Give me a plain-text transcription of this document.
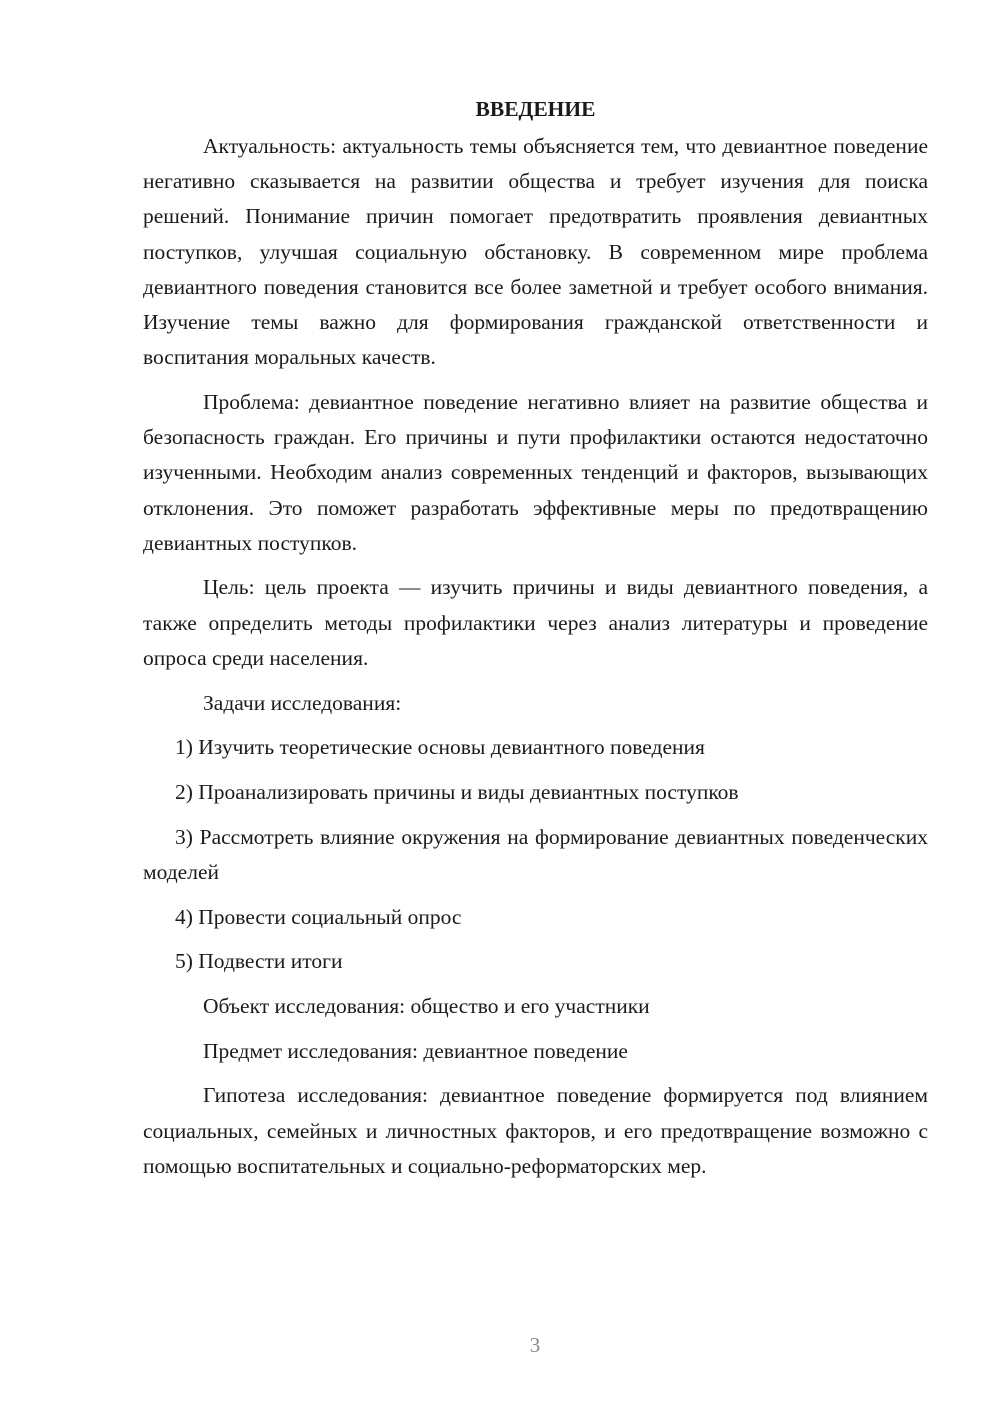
ВВЕДЕНИЕ

Актуальность: актуальность темы объясняется тем, что девиантное поведение негативно сказывается на развитии общества и требует изучения для поиска решений. Понимание причин помогает предотвратить проявления девиантных поступков, улучшая социальную обстановку. В современном мире проблема девиантного поведения становится все более заметной и требует особого внимания. Изучение темы важно для формирования гражданской ответственности и воспитания моральных качеств.

Проблема: девиантное поведение негативно влияет на развитие общества и безопасность граждан. Его причины и пути профилактики остаются недостаточно изученными. Необходим анализ современных тенденций и факторов, вызывающих отклонения. Это поможет разработать эффективные меры по предотвращению девиантных поступков.

Цель: цель проекта — изучить причины и виды девиантного поведения, а также определить методы профилактики через анализ литературы и проведение опроса среди населения.

Задачи исследования:

1) Изучить теоретические основы девиантного поведения

2) Проанализировать причины и виды девиантных поступков

3) Рассмотреть влияние окружения на формирование девиантных поведенческих моделей

4) Провести социальный опрос

5) Подвести итоги

Объект исследования: общество и его участники

Предмет исследования: девиантное поведение

Гипотеза исследования: девиантное поведение формируется под влиянием социальных, семейных и личностных факторов, и его предотвращение возможно с помощью воспитательных и социально-реформаторских мер.

3
